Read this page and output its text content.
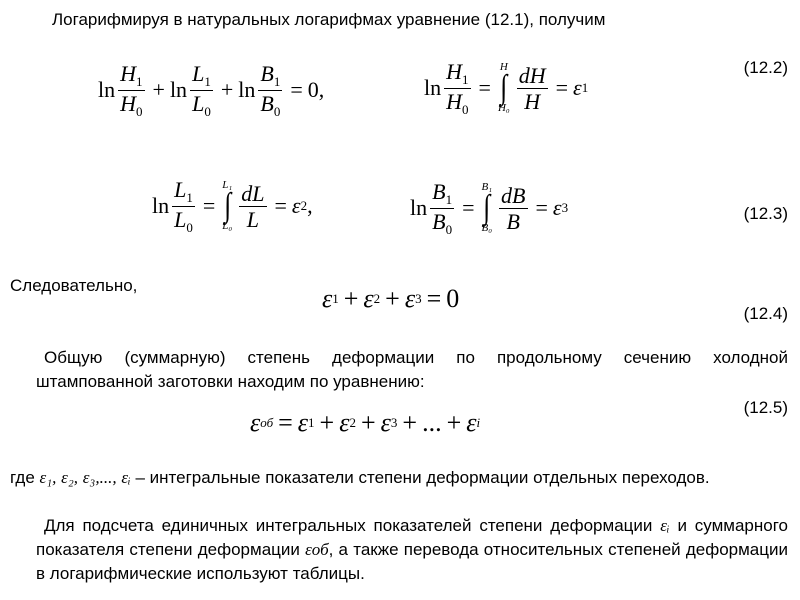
Логарифмируя в натуральных логарифмах уравнение (12.1), получим
(12.2)
$\ln \frac{H_1}{H_0} + \ln \frac{L_1}{L_0} + \ln \frac{B_1}{B_0} = 0$,	$\ln \frac{H_1}{H_0}$ =
H
∫
$H_0 \frac{dH}{H} = \varepsilon$ 1
(12.3)
$\ln \frac{L_1}{L_0}$ =
L₁
∫
$L_0 \frac{dL}{L} = \varepsilon$ 2 ,	$\ln \frac{B_1}{B_0}$ =
B₁
∫
$B_0 \frac{dB}{B} = \varepsilon$ 3
Следовательно,
(12.4)
ε 1 + ε 2 + ε 3 = 0
Общую (суммарную) степень деформации по продольному сечению холодной штампованной заготовки находим по уравнению:
(12.5)
ε об = ε 1 + ε 2 + ε 3 + ... + ε i
где ε₁, ε₂, ε₃,..., εᵢ – интегральные показатели степени деформации отдельных переходов.
Для подсчета единичных интегральных показателей степени деформации εᵢ и суммарного показателя степени деформации εоб, а также перевода относительных степеней деформации в логарифмические используют таблицы.
